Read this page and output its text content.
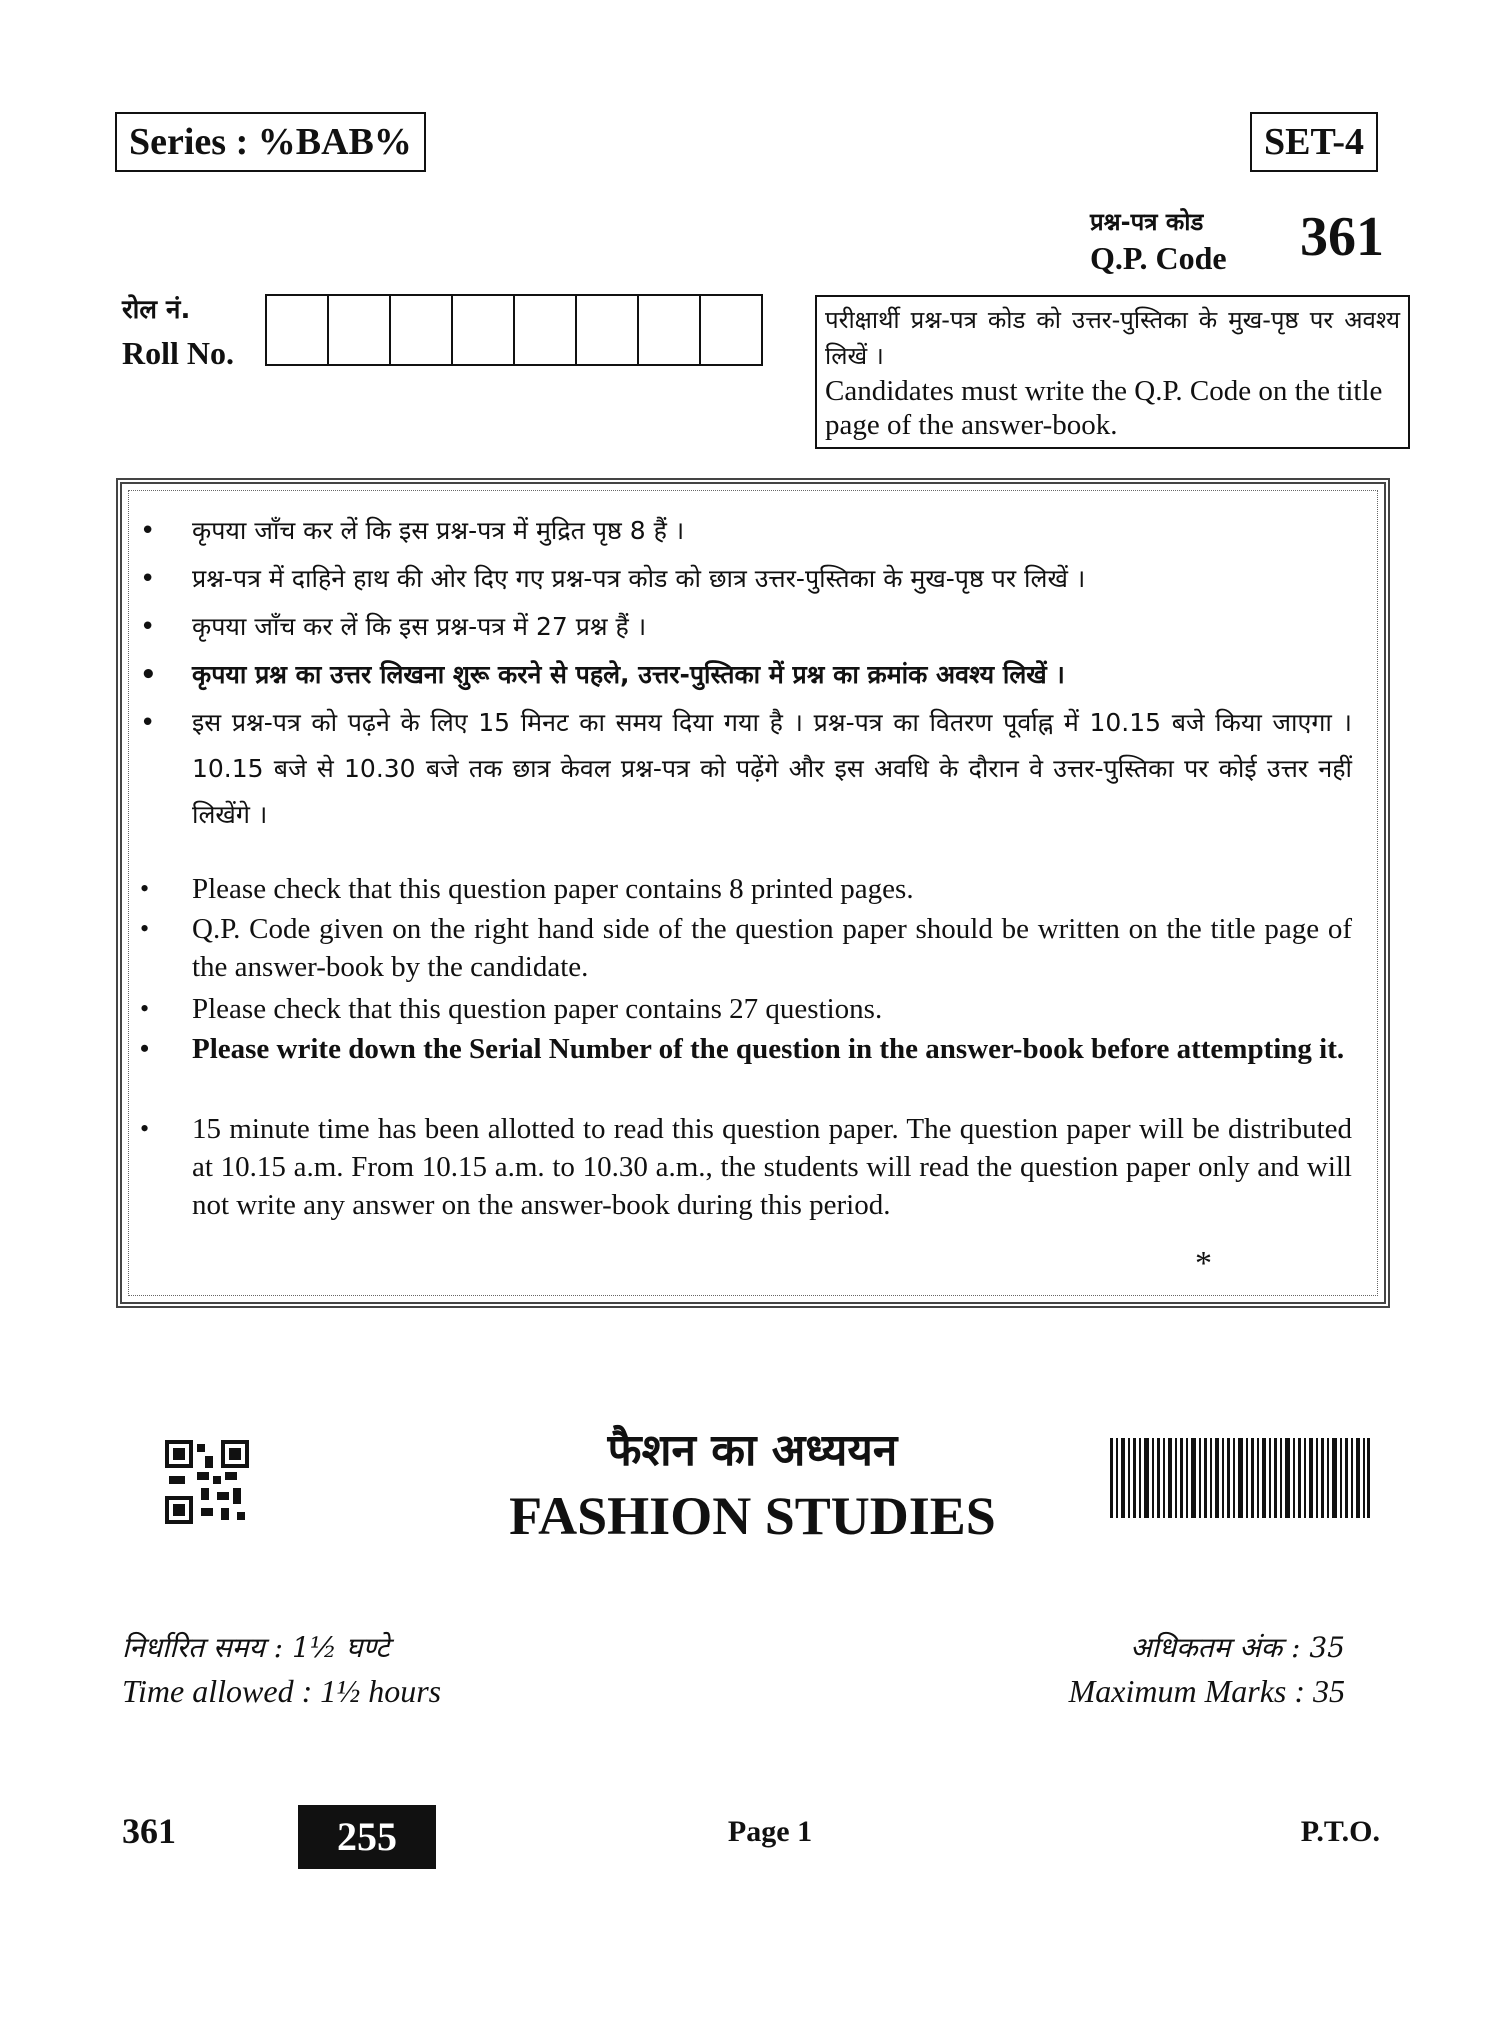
Series : %BAB%	SET-4
प्रश्न-पत्र कोड
Q.P. Code 361
रोल नं.
Roll No.
परीक्षार्थी प्रश्न-पत्र कोड को उत्तर-पुस्तिका के मुख-पृष्ठ पर अवश्य लिखें ।
Candidates must write the Q.P. Code on the title page of the answer-book.
•	कृपया जाँच कर लें कि इस प्रश्न-पत्र में मुद्रित पृष्ठ 8 हैं ।
•	प्रश्न-पत्र में दाहिने हाथ की ओर दिए गए प्रश्न-पत्र कोड को छात्र उत्तर-पुस्तिका के मुख-पृष्ठ पर लिखें ।
•	कृपया जाँच कर लें कि इस प्रश्न-पत्र में 27 प्रश्न हैं ।
•	कृपया प्रश्न का उत्तर लिखना शुरू करने से पहले, उत्तर-पुस्तिका में प्रश्न का क्रमांक अवश्य लिखें ।
•	इस प्रश्न-पत्र को पढ़ने के लिए 15 मिनट का समय दिया गया है । प्रश्न-पत्र का वितरण पूर्वाह्न में 10.15 बजे किया जाएगा । 10.15 बजे से 10.30 बजे तक छात्र केवल प्रश्न-पत्र को पढ़ेंगे और इस अवधि के दौरान वे उत्तर-पुस्तिका पर कोई उत्तर नहीं लिखेंगे ।
•	Please check that this question paper contains 8 printed pages.
•	Q.P. Code given on the right hand side of the question paper should be written on the title page of the answer-book by the candidate.
•	Please check that this question paper contains 27 questions.
•	Please write down the Serial Number of the question in the answer-book before attempting it.
•	15 minute time has been allotted to read this question paper. The question paper will be distributed at 10.15 a.m. From 10.15 a.m. to 10.30 a.m., the students will read the question paper only and will not write any answer on the answer-book during this period.
*
फैशन का अध्ययन
FASHION STUDIES
निर्धारित समय : 1½ घण्टे
Time allowed : 1½ hours
अधिकतम अंक : 35
Maximum Marks : 35
361	255	Page 1	P.T.O.
